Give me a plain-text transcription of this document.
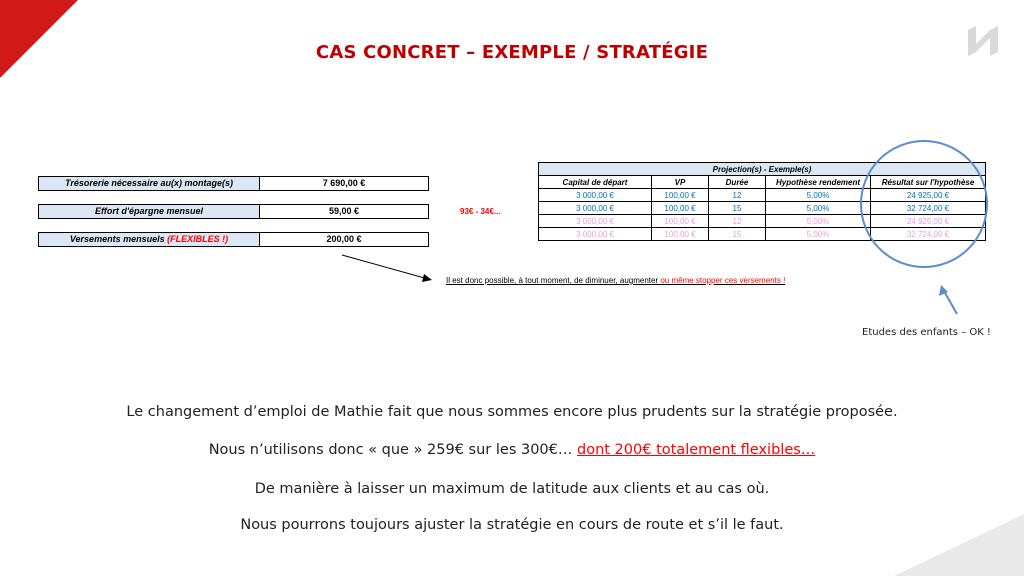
CAS CONCRET – EXEMPLE / STRATÉGIE
Trésorerie nécessaire au(x) montage(s)	7 690,00 €
Effort d'épargne mensuel	59,00 €
Versements mensuels (FLEXIBLES !)	200,00 €
93€ - 34€...
Projection(s) - Exemple(s)				
Capital de départ	VP	Durée	Hypothèse rendement	Résultat sur l'hypothèse
3 000,00 €	100,00 €	12	5,00%	24 925,00 €
3 000,00 €	100,00 €	15	5,00%	32 724,00 €
3 000,00 €	100,00 €	12	5,00%	24 925,00 €
3 000,00 €	100,00 €	15	5,00%	32 724,00 €
Il est donc possible, à tout moment, de diminuer, augmenter ou même stopper ces versements !
Etudes des enfants – OK !
Le changement d’emploi de Mathie fait que nous sommes encore plus prudents sur la stratégie proposée.
Nous n’utilisons donc « que » 259€ sur les 300€… dont 200€ totalement flexibles…
De manière à laisser un maximum de latitude aux clients et au cas où.
Nous pourrons toujours ajuster la stratégie en cours de route et s’il le faut.
